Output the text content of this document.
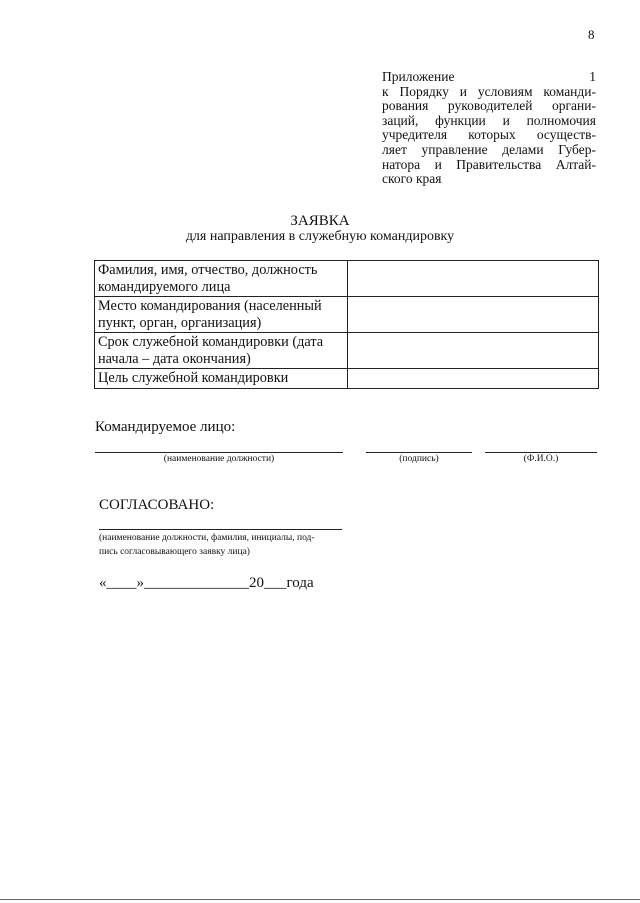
8
Приложение 1
к Порядку и условиям команди-
рования руководителей органи-
заций, функции и полномочия
учредителя которых осуществ-
ляет управление делами Губер-
натора и Правительства Алтай-
ского края
ЗАЯВКА
для направления в служебную командировку
Фамилия, имя, отчество, должность
командируемого лица	

Место командирования (населенный
пункт, орган, организация)	

Срок служебной командировки (дата
начала – дата окончания)	

Цель служебной командировки	

Командируемое лицо:
(наименование должности)	(подпись)	(Ф.И.О.)
СОГЛАСОВАНО:
(наименование должности, фамилия, инициалы, под-
пись согласовывающего заявку лица)
«____»______________20___года
